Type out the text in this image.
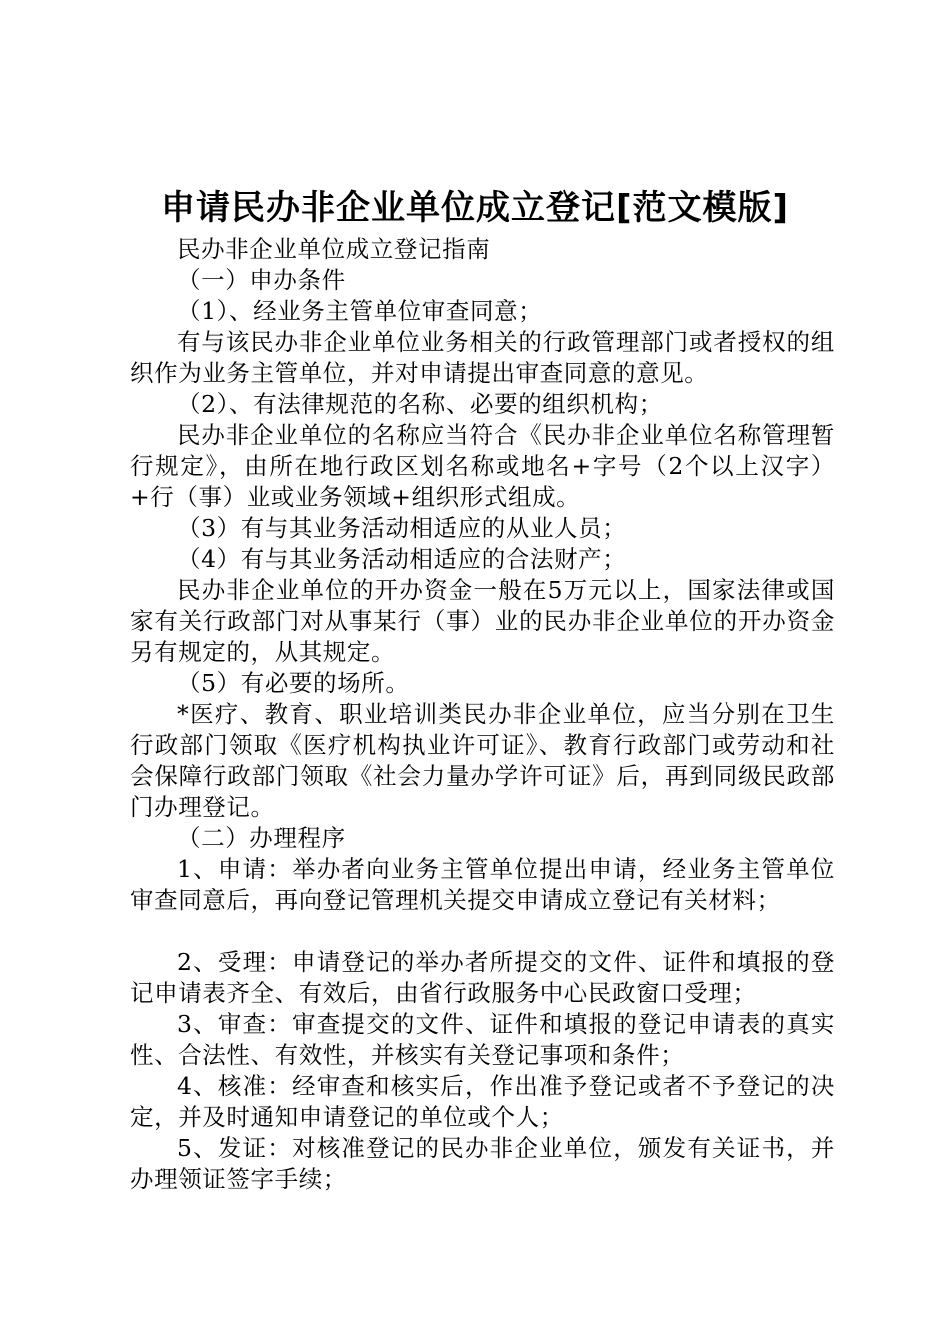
申请民办非企业单位成立登记[范文模版]

民办非企业单位成立登记指南

（一）申办条件

（1）、经业务主管单位审查同意；

有与该民办非企业单位业务相关的行政管理部门或者授权的组织作为业务主管单位，并对申请提出审查同意的意见。

（2）、有法律规范的名称、必要的组织机构；

民办非企业单位的名称应当符合《民办非企业单位名称管理暂行规定》，由所在地行政区划名称或地名+字号（2个以上汉字）+行（事）业或业务领域+组织形式组成。

（3）有与其业务活动相适应的从业人员；

（4）有与其业务活动相适应的合法财产；

民办非企业单位的开办资金一般在5万元以上，国家法律或国家有关行政部门对从事某行（事）业的民办非企业单位的开办资金另有规定的，从其规定。

（5）有必要的场所。

*医疗、教育、职业培训类民办非企业单位，应当分别在卫生行政部门领取《医疗机构执业许可证》、教育行政部门或劳动和社会保障行政部门领取《社会力量办学许可证》后，再到同级民政部门办理登记。

（二）办理程序

1、申请：举办者向业务主管单位提出申请，经业务主管单位审查同意后，再向登记管理机关提交申请成立登记有关材料；

2、受理：申请登记的举办者所提交的文件、证件和填报的登记申请表齐全、有效后，由省行政服务中心民政窗口受理；

3、审查：审查提交的文件、证件和填报的登记申请表的真实性、合法性、有效性，并核实有关登记事项和条件；

4、核准：经审查和核实后，作出准予登记或者不予登记的决定，并及时通知申请登记的单位或个人；

5、发证：对核准登记的民办非企业单位，颁发有关证书，并办理领证签字手续；
